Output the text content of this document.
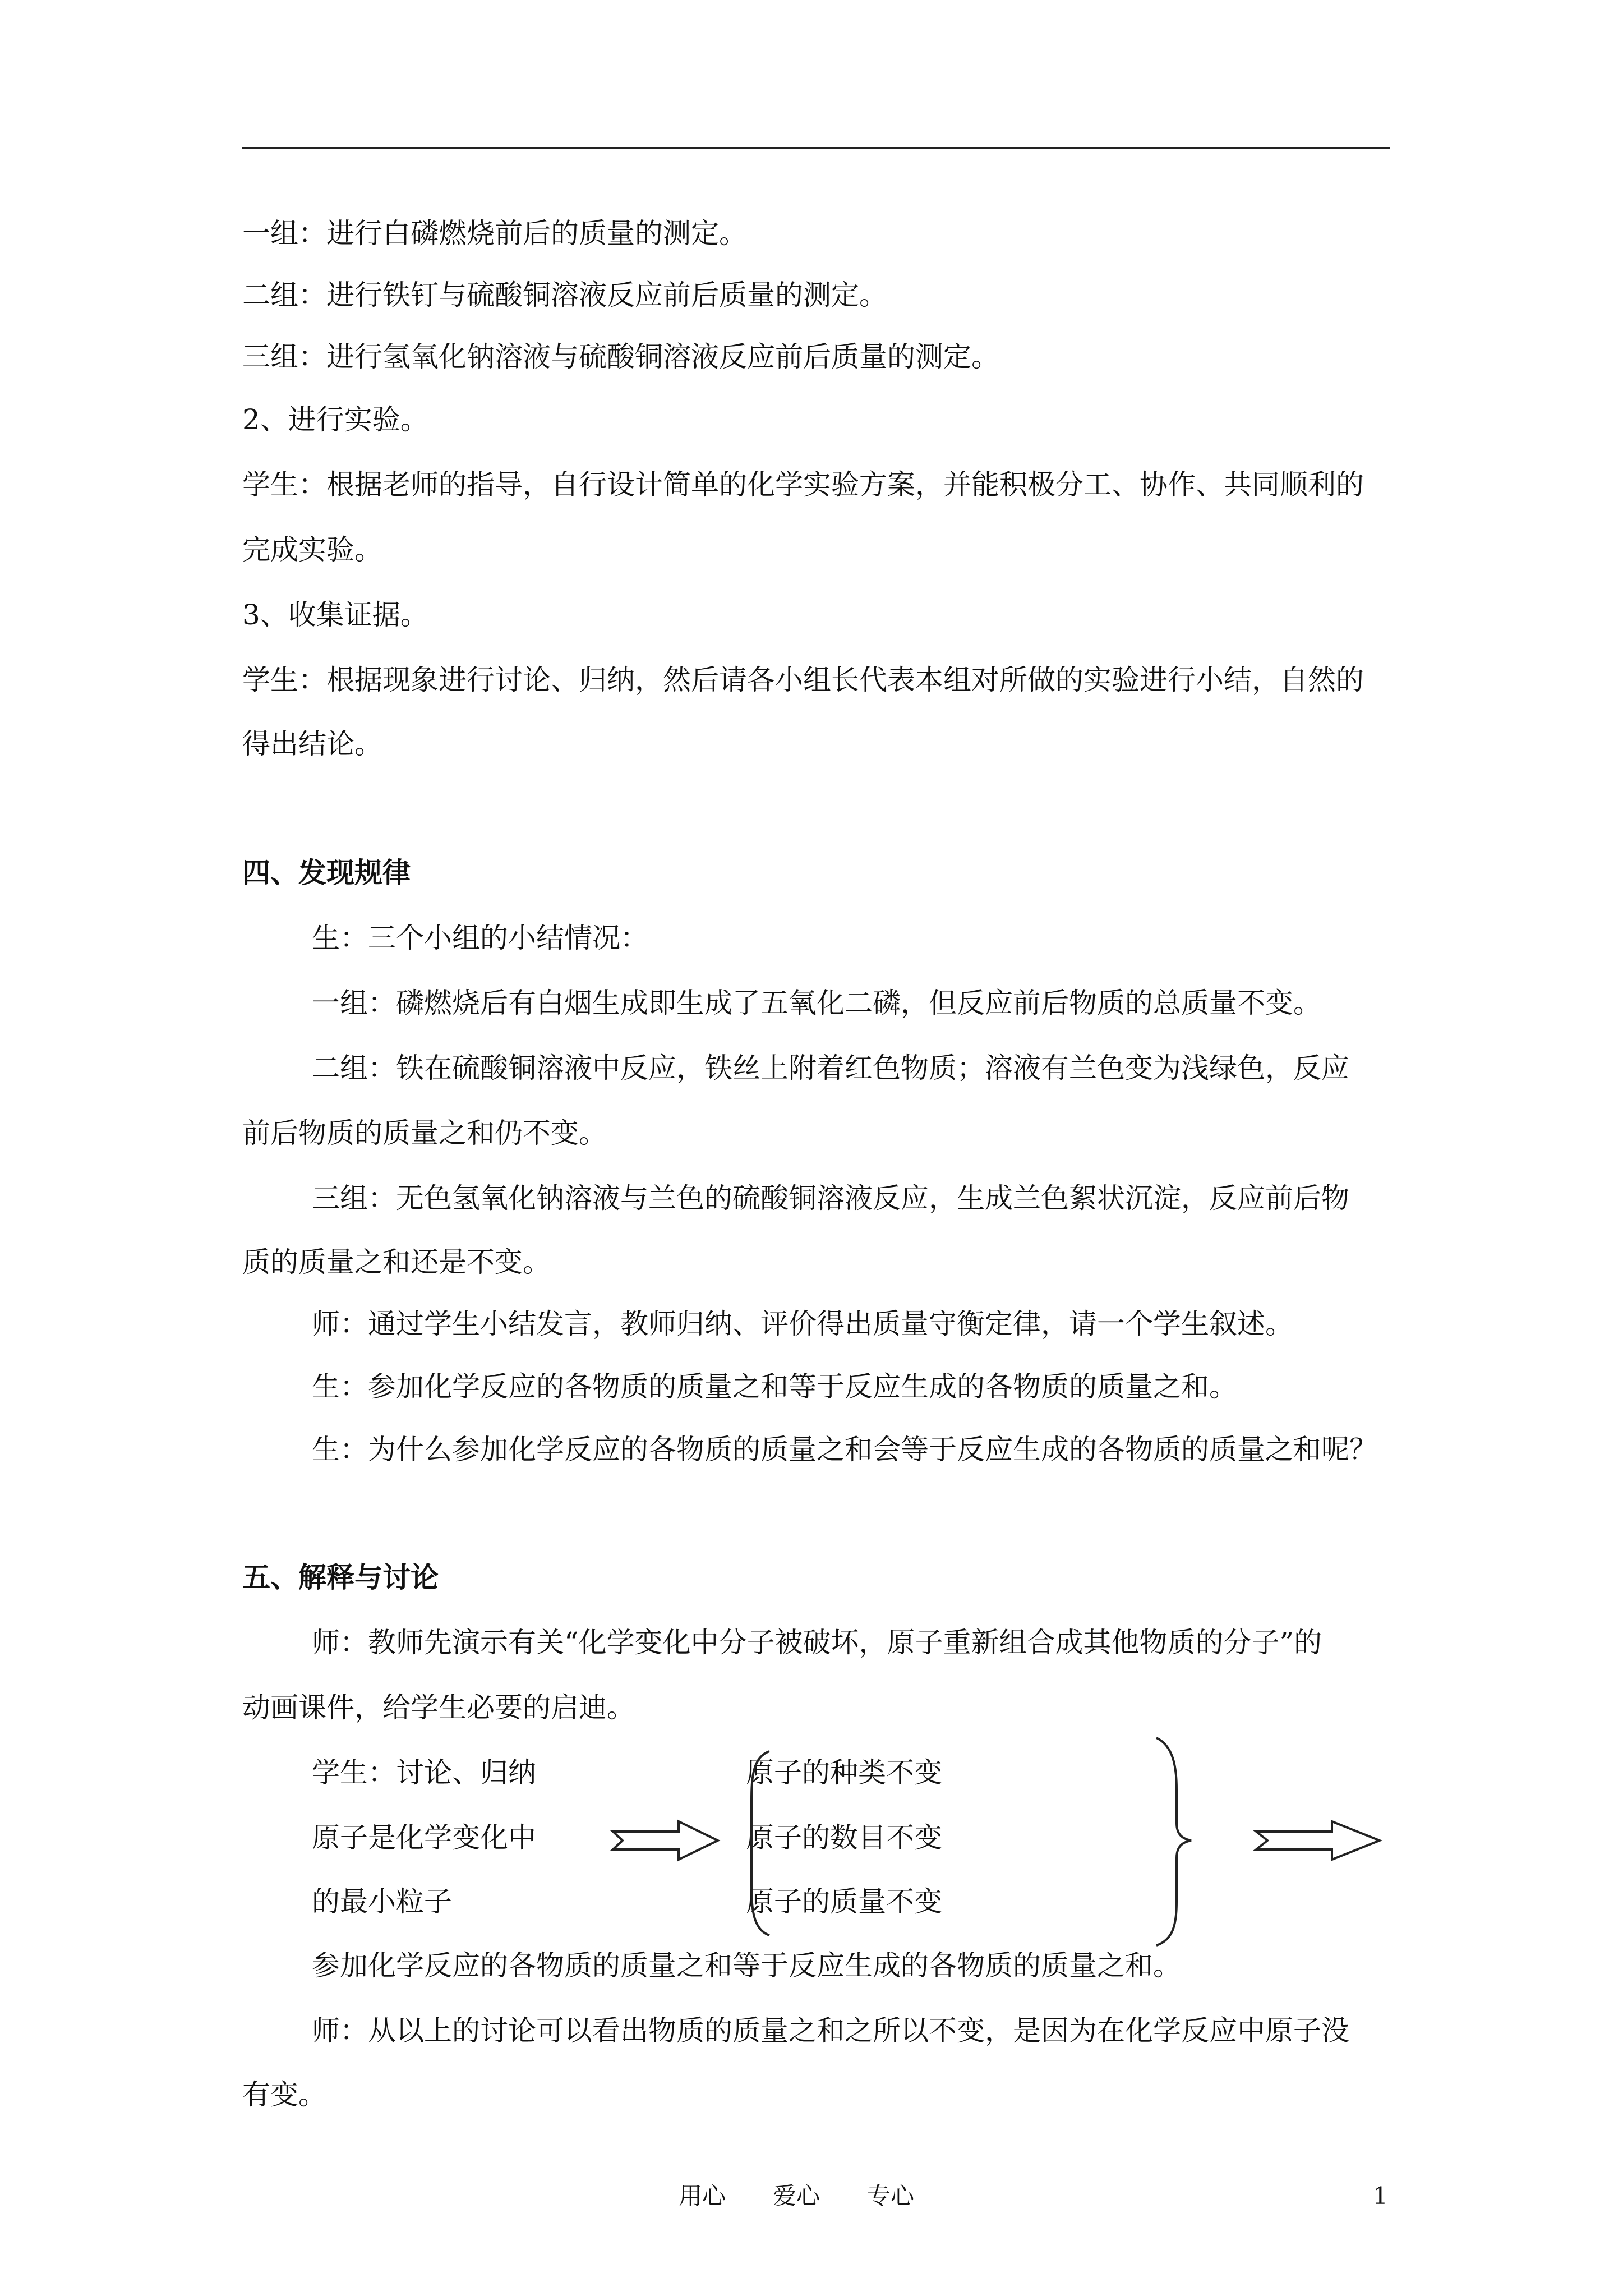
一组：进行白磷燃烧前后的质量的测定。
二组：进行铁钉与硫酸铜溶液反应前后质量的测定。
三组：进行氢氧化钠溶液与硫酸铜溶液反应前后质量的测定。
2、进行实验。
学生：根据老师的指导，自行设计简单的化学实验方案，并能积极分工、协作、共同顺利的
完成实验。
3、收集证据。
学生：根据现象进行讨论、归纳，然后请各小组长代表本组对所做的实验进行小结，自然的
得出结论。
四、发现规律
生：三个小组的小结情况：
一组：磷燃烧后有白烟生成即生成了五氧化二磷，但反应前后物质的总质量不变。
二组：铁在硫酸铜溶液中反应，铁丝上附着红色物质；溶液有兰色变为浅绿色，反应
前后物质的质量之和仍不变。
三组：无色氢氧化钠溶液与兰色的硫酸铜溶液反应，生成兰色絮状沉淀，反应前后物
质的质量之和还是不变。
师：通过学生小结发言，教师归纳、评价得出质量守衡定律，请一个学生叙述。
生：参加化学反应的各物质的质量之和等于反应生成的各物质的质量之和。
生：为什么参加化学反应的各物质的质量之和会等于反应生成的各物质的质量之和呢？
五、解释与讨论
师：教师先演示有关“化学变化中分子被破坏，原子重新组合成其他物质的分子”的
动画课件，给学生必要的启迪。
学生：讨论、归纳
原子是化学变化中
的最小粒子
原子的种类不变
原子的数目不变
原子的质量不变
参加化学反应的各物质的质量之和等于反应生成的各物质的质量之和。
师：从以上的讨论可以看出物质的质量之和之所以不变，是因为在化学反应中原子没
有变。
用心　　爱心　　专心	1
